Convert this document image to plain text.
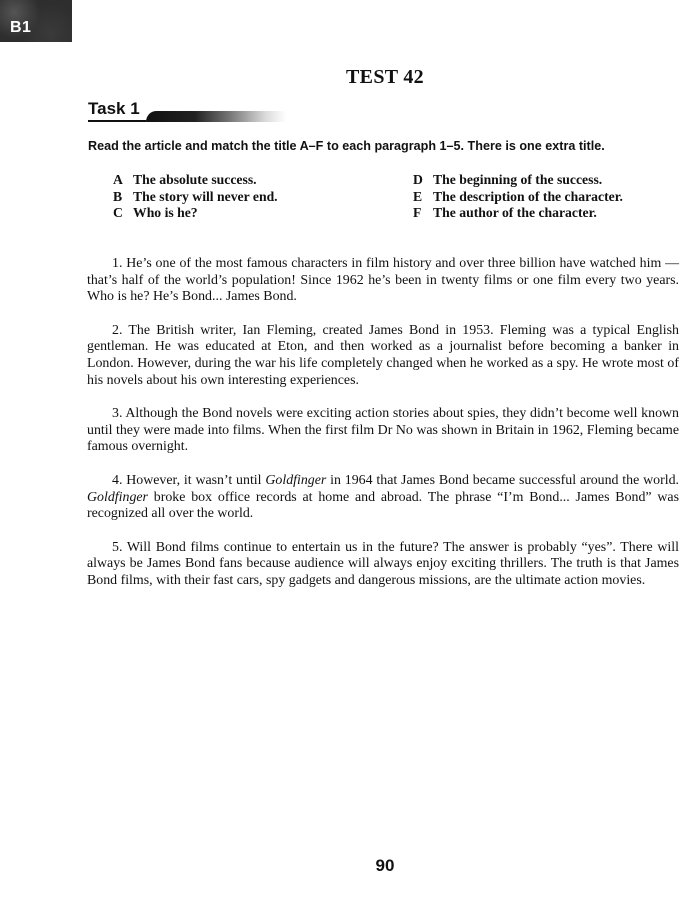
B1
TEST 42
Task 1
Read the article and match the title A–F to each paragraph 1–5. There is one extra title.
A The absolute success.
B The story will never end.
C Who is he?
D The beginning of the success.
E The description of the character.
F The author of the character.

1. He’s one of the most famous characters in film history and over three billion have watched him — that’s half of the world’s population! Since 1962 he’s been in twenty films or one film every two years. Who is he? He’s Bond... James Bond.

2. The British writer, Ian Fleming, created James Bond in 1953. Fleming was a typical English gentleman. He was educated at Eton, and then worked as a journalist before becoming a banker in London. However, during the war his life completely changed when he worked as a spy. He wrote most of his novels about his own interesting experiences.

3. Although the Bond novels were exciting action stories about spies, they didn’t become well known until they were made into films. When the first film Dr No was shown in Britain in 1962, Fleming became famous overnight.

4. However, it wasn’t until Goldfinger in 1964 that James Bond became successful around the world. Goldfinger broke box office records at home and abroad. The phrase “I’m Bond... James Bond” was recognized all over the world.

5. Will Bond films continue to entertain us in the future? The answer is probably “yes”. There will always be James Bond fans because audience will always enjoy exciting thrillers. The truth is that James Bond films, with their fast cars, spy gadgets and dangerous missions, are the ultimate action movies.

90
